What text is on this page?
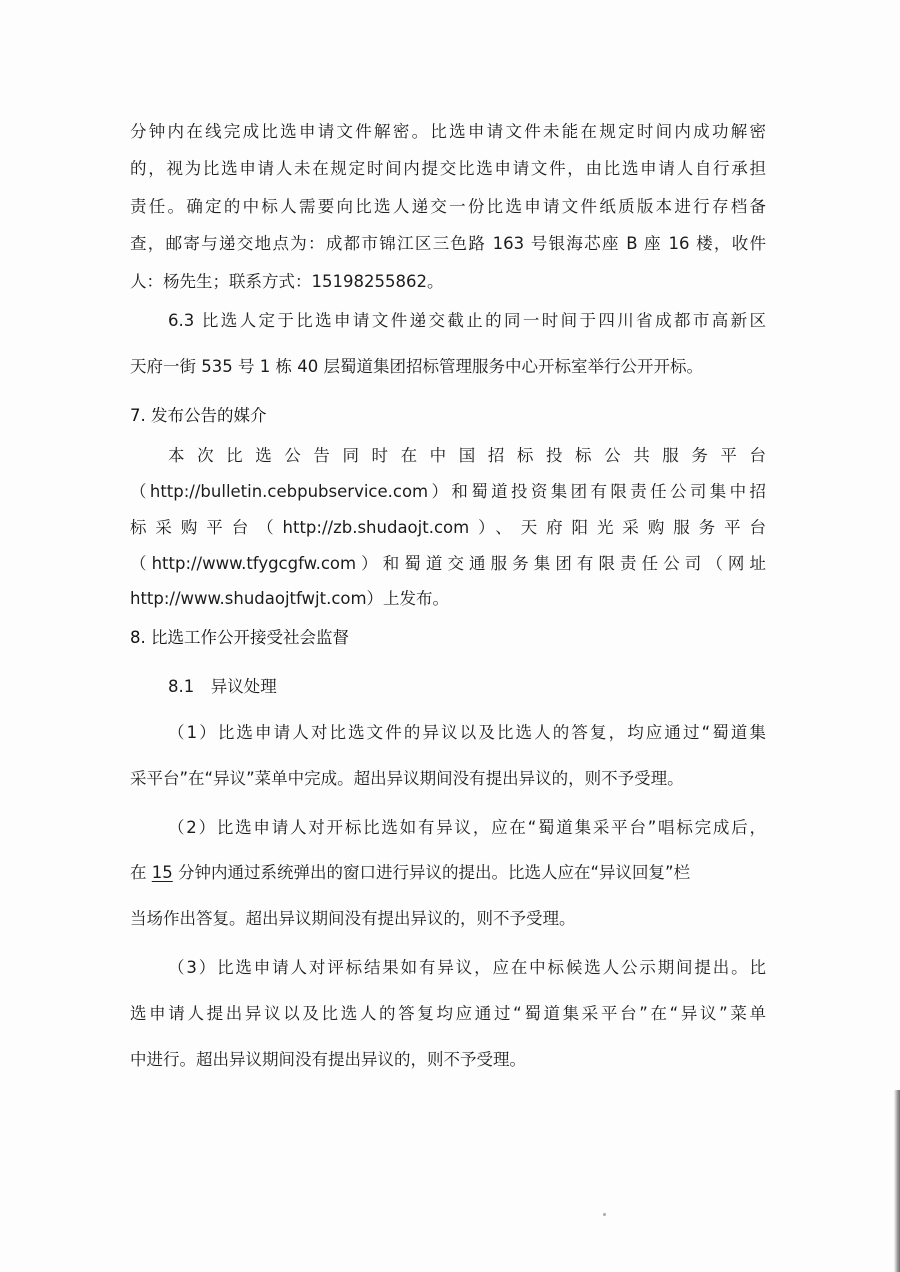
分钟内在线完成比选申请文件解密。比选申请文件未能在规定时间内成功解密
的，视为比选申请人未在规定时间内提交比选申请文件，由比选申请人自行承担
责任。确定的中标人需要向比选人递交一份比选申请文件纸质版本进行存档备
查，邮寄与递交地点为：成都市锦江区三色路 163 号银海芯座 B 座 16 楼，收件
人：杨先生；联系方式：15198255862。
6.3 比选人定于比选申请文件递交截止的同一时间于四川省成都市高新区
天府一街 535 号 1 栋 40 层蜀道集团招标管理服务中心开标室举行公开开标。
7. 发布公告的媒介
本次比选公告同时在中国招标投标公共服务平台
（http://bulletin.cebpubservice.com）和蜀道投资集团有限责任公司集中招
标采购平台（http://zb.shudaojt.com）、天府阳光采购服务平台
（http://www.tfygcgfw.com）和蜀道交通服务集团有限责任公司（网址
http://www.shudaojtfwjt.com）上发布。
8. 比选工作公开接受社会监督
8.1　异议处理
（1）比选申请人对比选文件的异议以及比选人的答复，均应通过“蜀道集
采平台”在“异议”菜单中完成。超出异议期间没有提出异议的，则不予受理。
（2）比选申请人对开标比选如有异议，应在“蜀道集采平台”唱标完成后，
在 15 分钟内通过系统弹出的窗口进行异议的提出。比选人应在“异议回复”栏
当场作出答复。超出异议期间没有提出异议的，则不予受理。
（3）比选申请人对评标结果如有异议，应在中标候选人公示期间提出。比
选申请人提出异议以及比选人的答复均应通过“蜀道集采平台”在“异议”菜单
中进行。超出异议期间没有提出异议的，则不予受理。
